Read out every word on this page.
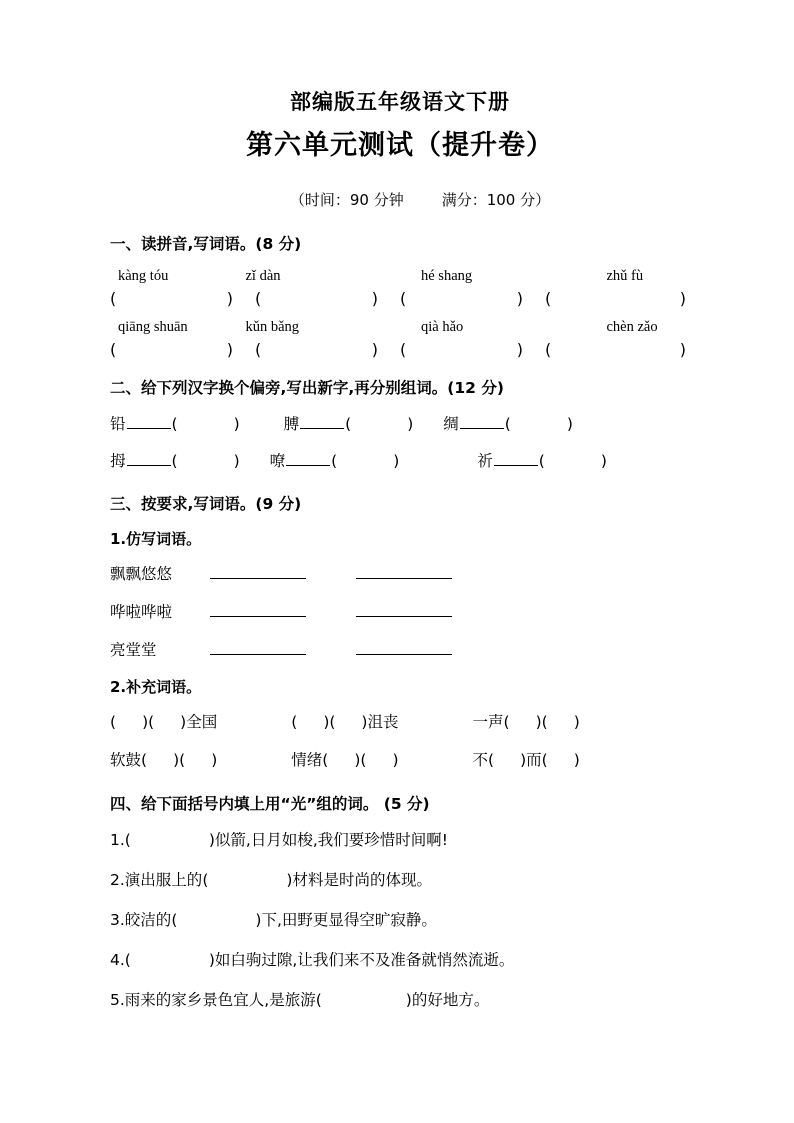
部编版五年级语文下册
第六单元测试（提升卷）
（时间：90 分钟	满分：100 分）
一、读拼音,写词语。(8 分)
kàng tóu	zǐ dàn	hé shang	zhǔ fù
(	) (	) (	) (	)
qiāng shuān	kǔn bǎng	qià hǎo	chèn zǎo
(	) (	) (	) (	)
二、给下列汉字换个偏旁,写出新字,再分别组词。(12 分)
铅	(	)	膊	(	) 绸	(	)
拇	(	) 嘹	(	)	祈	(	)
三、按要求,写词语。(9 分)
1.仿写词语。
飘飘悠悠
哗啦哗啦
亮堂堂
2.补充词语。
( )( )全国	( )( )沮丧	一声( )( )
软鼓( )( )	情绪( )( )	不( )而( )
四、给下面括号内填上用“光”组的词。 (5 分)
1.(	)似箭,日月如梭,我们要珍惜时间啊!
2.演出服上的(	)材料是时尚的体现。
3.皎洁的(	)下,田野更显得空旷寂静。
4.(	)如白驹过隙,让我们来不及准备就悄然流逝。
5.雨来的家乡景色宜人,是旅游(	)的好地方。
